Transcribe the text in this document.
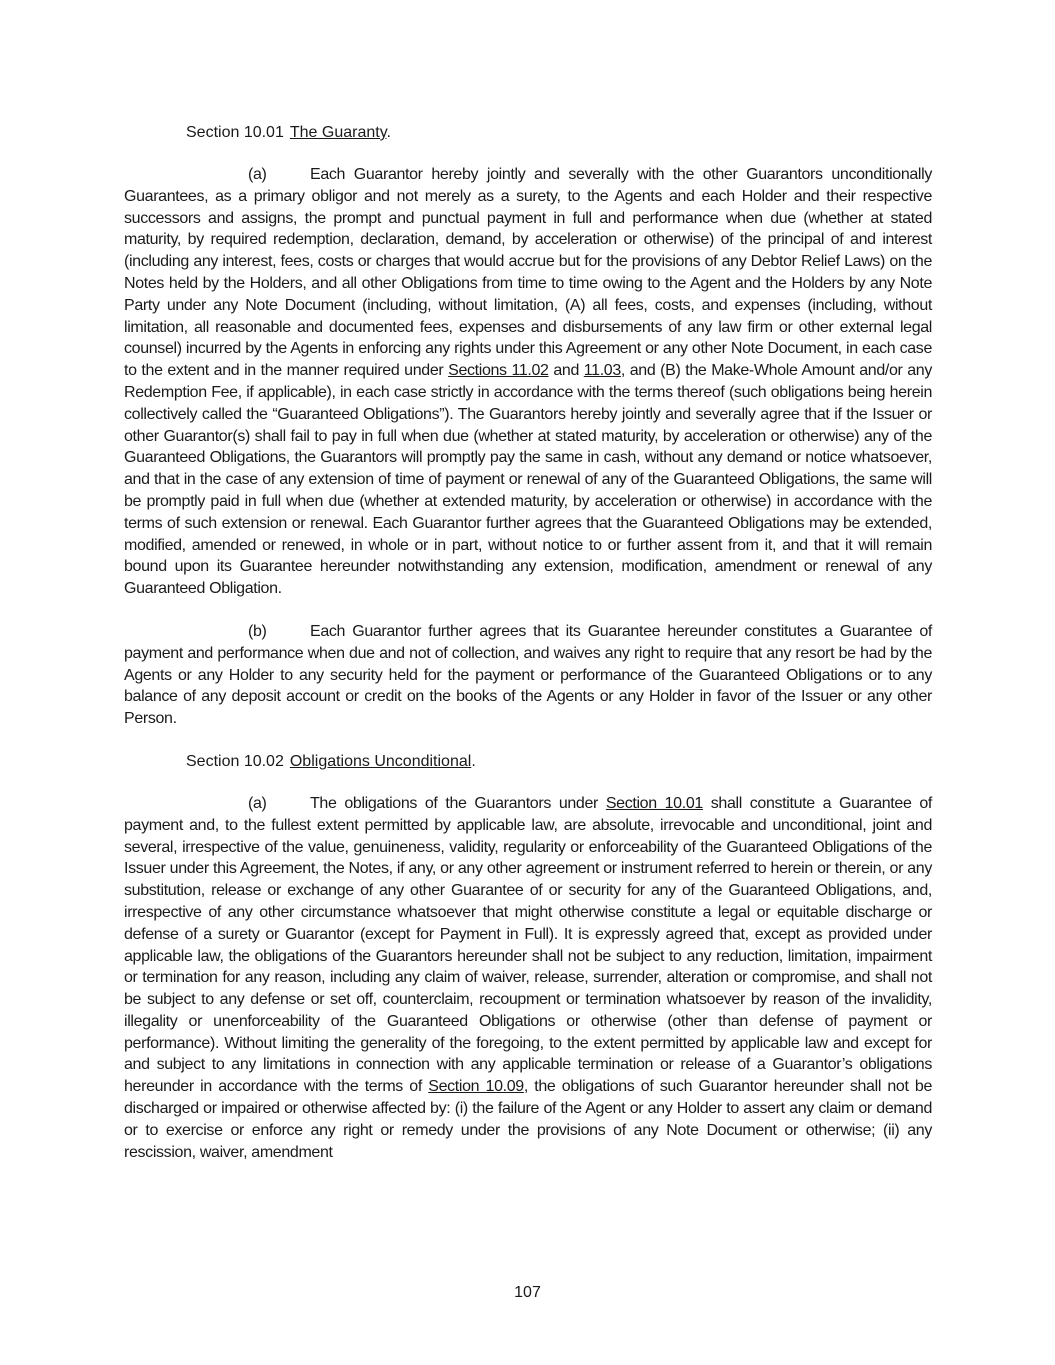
Section 10.01 The Guaranty.

(a)	Each Guarantor hereby jointly and severally with the other Guarantors unconditionally Guarantees, as a primary obligor and not merely as a surety, to the Agents and each Holder and their respective successors and assigns, the prompt and punctual payment in full and performance when due (whether at stated maturity, by required redemption, declaration, demand, by acceleration or otherwise) of the principal of and interest (including any interest, fees, costs or charges that would accrue but for the provisions of any Debtor Relief Laws) on the Notes held by the Holders, and all other Obligations from time to time owing to the Agent and the Holders by any Note Party under any Note Document (including, without limitation, (A) all fees, costs, and expenses (including, without limitation, all reasonable and documented fees, expenses and disbursements of any law firm or other external legal counsel) incurred by the Agents in enforcing any rights under this Agreement or any other Note Document, in each case to the extent and in the manner required under Sections 11.02 and 11.03, and (B) the Make-Whole Amount and/or any Redemption Fee, if applicable), in each case strictly in accordance with the terms thereof (such obligations being herein collectively called the “Guaranteed Obligations”). The Guarantors hereby jointly and severally agree that if the Issuer or other Guarantor(s) shall fail to pay in full when due (whether at stated maturity, by acceleration or otherwise) any of the Guaranteed Obligations, the Guarantors will promptly pay the same in cash, without any demand or notice whatsoever, and that in the case of any extension of time of payment or renewal of any of the Guaranteed Obligations, the same will be promptly paid in full when due (whether at extended maturity, by acceleration or otherwise) in accordance with the terms of such extension or renewal. Each Guarantor further agrees that the Guaranteed Obligations may be extended, modified, amended or renewed, in whole or in part, without notice to or further assent from it, and that it will remain bound upon its Guarantee hereunder notwithstanding any extension, modification, amendment or renewal of any Guaranteed Obligation.

(b)	Each Guarantor further agrees that its Guarantee hereunder constitutes a Guarantee of payment and performance when due and not of collection, and waives any right to require that any resort be had by the Agents or any Holder to any security held for the payment or performance of the Guaranteed Obligations or to any balance of any deposit account or credit on the books of the Agents or any Holder in favor of the Issuer or any other Person.

Section 10.02 Obligations Unconditional.

(a)	The obligations of the Guarantors under Section 10.01 shall constitute a Guarantee of payment and, to the fullest extent permitted by applicable law, are absolute, irrevocable and unconditional, joint and several, irrespective of the value, genuineness, validity, regularity or enforceability of the Guaranteed Obligations of the Issuer under this Agreement, the Notes, if any, or any other agreement or instrument referred to herein or therein, or any substitution, release or exchange of any other Guarantee of or security for any of the Guaranteed Obligations, and, irrespective of any other circumstance whatsoever that might otherwise constitute a legal or equitable discharge or defense of a surety or Guarantor (except for Payment in Full). It is expressly agreed that, except as provided under applicable law, the obligations of the Guarantors hereunder shall not be subject to any reduction, limitation, impairment or termination for any reason, including any claim of waiver, release, surrender, alteration or compromise, and shall not be subject to any defense or set off, counterclaim, recoupment or termination whatsoever by reason of the invalidity, illegality or unenforceability of the Guaranteed Obligations or otherwise (other than defense of payment or performance). Without limiting the generality of the foregoing, to the extent permitted by applicable law and except for and subject to any limitations in connection with any applicable termination or release of a Guarantor’s obligations hereunder in accordance with the terms of Section 10.09, the obligations of such Guarantor hereunder shall not be discharged or impaired or otherwise affected by: (i) the failure of the Agent or any Holder to assert any claim or demand or to exercise or enforce any right or remedy under the provisions of any Note Document or otherwise; (ii) any rescission, waiver, amendment

107
